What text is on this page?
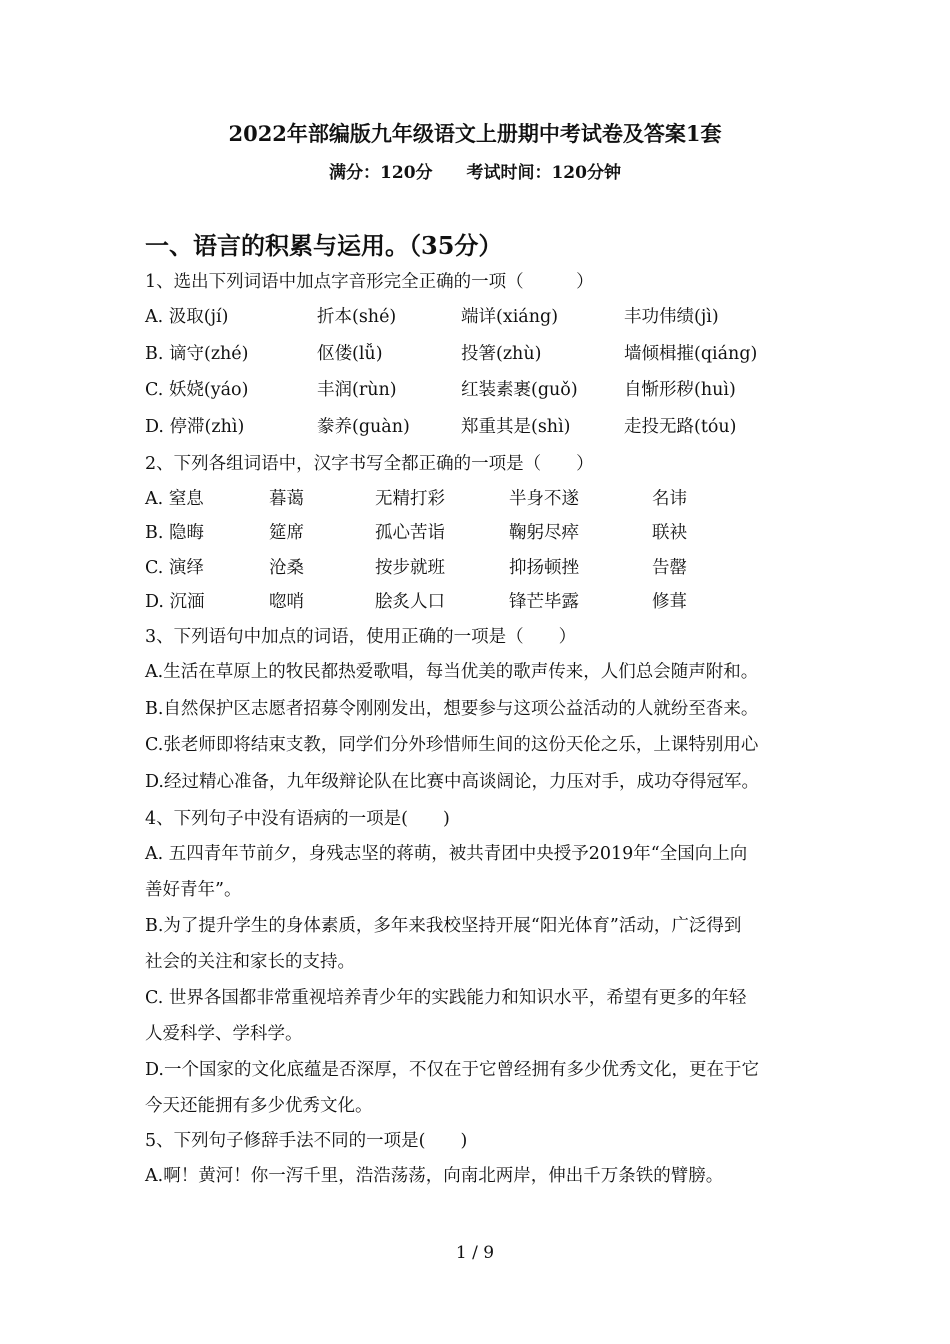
2022年部编版九年级语文上册期中考试卷及答案1套
满分：120分 考试时间：120分钟
一、语言的积累与运用。（35分）
1、选出下列词语中加点字音形完全正确的一项（　　　）
A. 汲取(jí)	折本(shé)	端详(xiáng)	丰功伟绩(jì)
B. 谪守(zhé)	伛偻(lǚ)	投箸(zhù)	墙倾楫摧(qiáng)
C. 妖娆(yáo)	丰润(rùn)	红装素裹(guǒ)	自惭形秽(huì)
D. 停滞(zhì)	豢养(guàn)	郑重其是(shì)	走投无路(tóu)
2、下列各组词语中，汉字书写全都正确的一项是（　　）
A. 窒息	暮蔼	无精打彩	半身不遂	名讳
B. 隐晦	筵席	孤心苦诣	鞠躬尽瘁	联袂
C. 演绎	沧桑	按步就班	抑扬顿挫	告罄
D. 沉湎	唿哨	脍炙人口	锋芒毕露	修葺
3、下列语句中加点的词语，使用正确的一项是（　　）
A.生活在草原上的牧民都热爱歌唱，每当优美的歌声传来，人们总会随声附和。
B.自然保护区志愿者招募令刚刚发出，想要参与这项公益活动的人就纷至沓来。
C.张老师即将结束支教，同学们分外珍惜师生间的这份天伦之乐，上课特别用心
D.经过精心准备，九年级辩论队在比赛中高谈阔论，力压对手，成功夺得冠军。
4、下列句子中没有语病的一项是(　　)
A. 五四青年节前夕，身残志坚的蒋萌，被共青团中央授予2019年“全国向上向
善好青年”。
B.为了提升学生的身体素质，多年来我校坚持开展“阳光体育”活动，广泛得到
社会的关注和家长的支持。
C. 世界各国都非常重视培养青少年的实践能力和知识水平，希望有更多的年轻
人爱科学、学科学。
D.一个国家的文化底蕴是否深厚，不仅在于它曾经拥有多少优秀文化，更在于它
今天还能拥有多少优秀文化。
5、下列句子修辞手法不同的一项是(　　)
A.啊！黄河！你一泻千里，浩浩荡荡，向南北两岸，伸出千万条铁的臂膀。
1 / 9
